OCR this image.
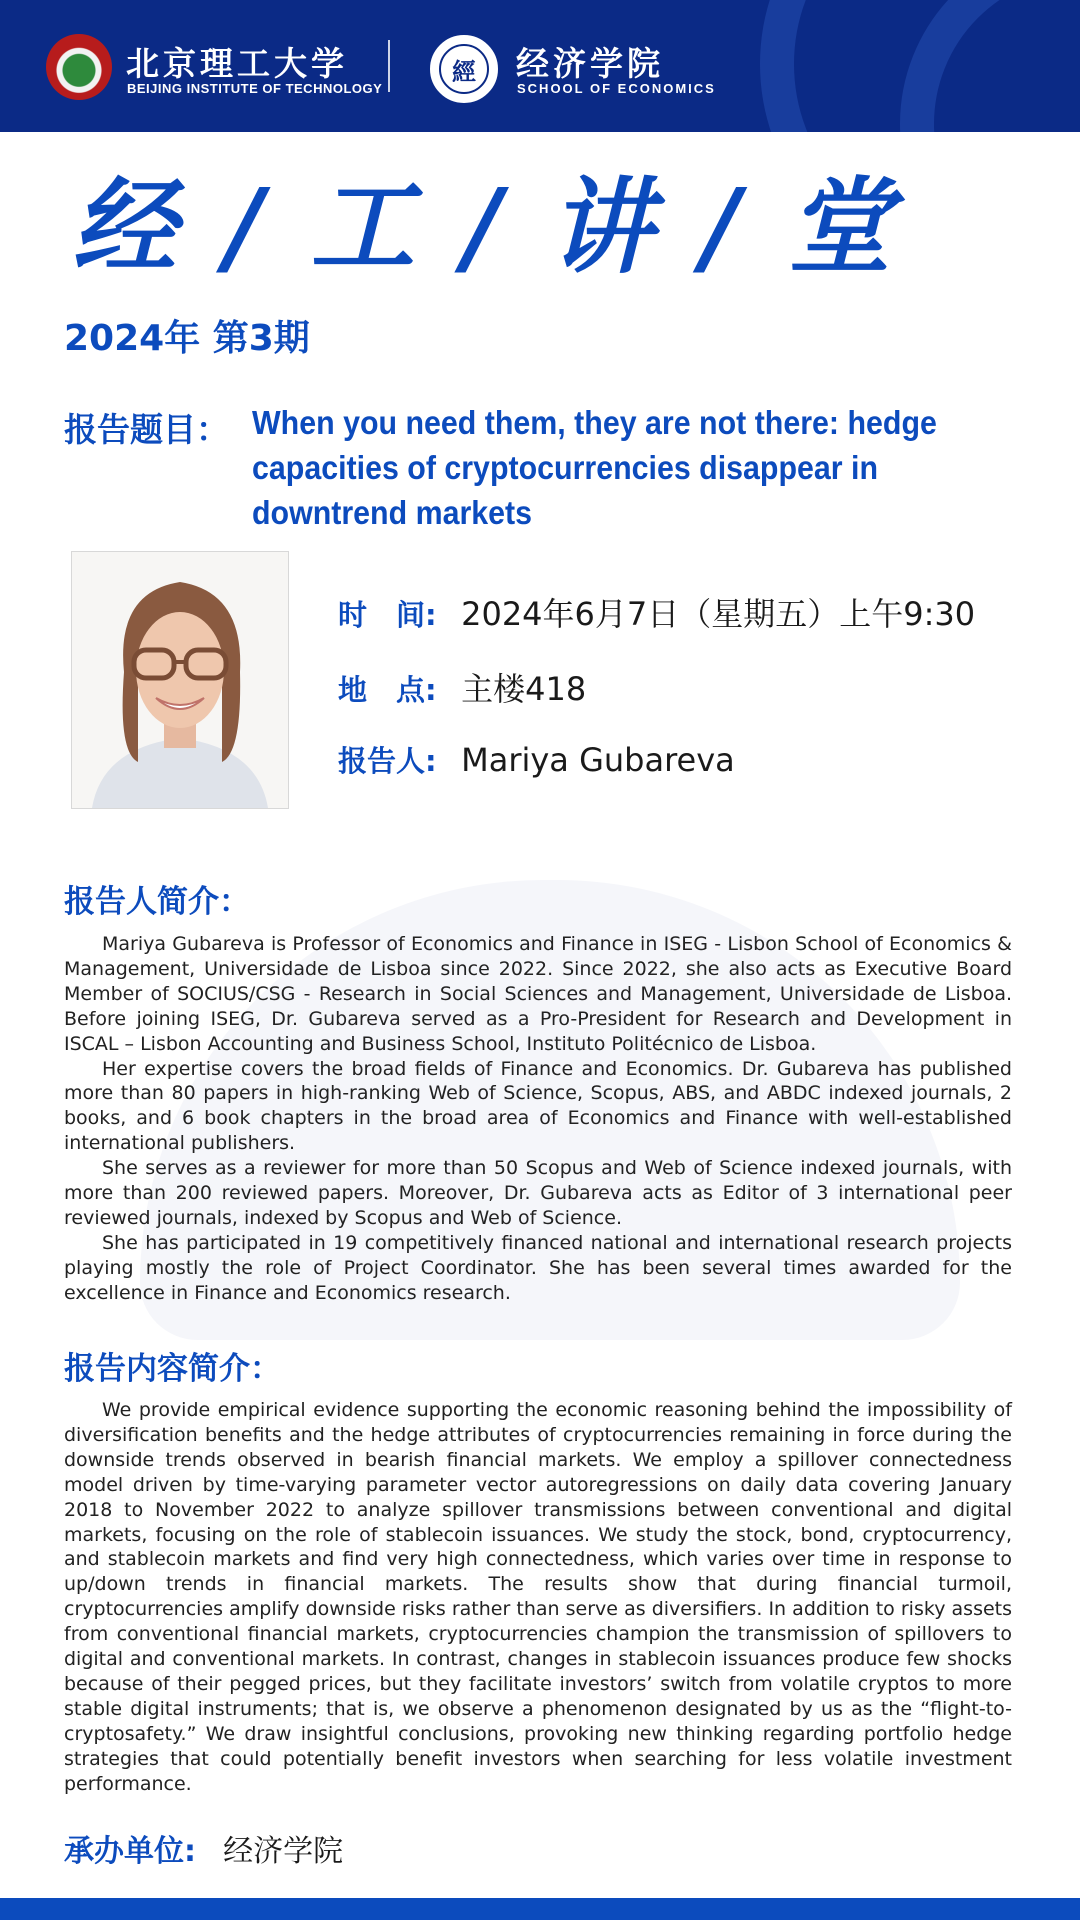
北京理工大学
BEIJING INSTITUTE OF TECHNOLOGY
經	经济学院
SCHOOL OF ECONOMICS
经 / 工 / 讲 / 堂
2024年 第3期
报告题目： When you need them, they are not there: hedge capacities of cryptocurrencies disappear in downtrend markets
时　间: 2024年6月7日（星期五）上午9:30
地　点: 主楼418
报告人: Mariya Gubareva
报告人简介：

Mariya Gubareva is Professor of Economics and Finance in ISEG - Lisbon School of Economics & Management, Universidade de Lisboa since 2022. Since 2022, she also acts as Executive Board Member of SOCIUS/CSG - Research in Social Sciences and Management, Universidade de Lisboa. Before joining ISEG, Dr. Gubareva served as a Pro-President for Research and Development in ISCAL – Lisbon Accounting and Business School, Instituto Politécnico de Lisboa.

Her expertise covers the broad fields of Finance and Economics. Dr. Gubareva has published more than 80 papers in high-ranking Web of Science, Scopus, ABS, and ABDC indexed journals, 2 books, and 6 book chapters in the broad area of Economics and Finance with well-established international publishers.

She serves as a reviewer for more than 50 Scopus and Web of Science indexed journals, with more than 200 reviewed papers. Moreover, Dr. Gubareva acts as Editor of 3 international peer reviewed journals, indexed by Scopus and Web of Science.

She has participated in 19 competitively financed national and international research projects playing mostly the role of Project Coordinator. She has been several times awarded for the excellence in Finance and Economics research.

报告内容简介：

We provide empirical evidence supporting the economic reasoning behind the impossibility of diversification benefits and the hedge attributes of cryptocurrencies remaining in force during the downside trends observed in bearish financial markets. We employ a spillover connectedness model driven by time-varying parameter vector autoregressions on daily data covering January 2018 to November 2022 to analyze spillover transmissions between conventional and digital markets, focusing on the role of stablecoin issuances. We study the stock, bond, cryptocurrency, and stablecoin markets and find very high connectedness, which varies over time in response to up/down trends in financial markets. The results show that during financial turmoil, cryptocurrencies amplify downside risks rather than serve as diversifiers. In addition to risky assets from conventional financial markets, cryptocurrencies champion the transmission of spillovers to digital and conventional markets. In contrast, changes in stablecoin issuances produce few shocks because of their pegged prices, but they facilitate investors’ switch from volatile cryptos to more stable digital instruments; that is, we observe a phenomenon designated by us as the “flight-to-cryptosafety.” We draw insightful conclusions, provoking new thinking regarding portfolio hedge strategies that could potentially benefit investors when searching for less volatile investment performance.

承办单位: 经济学院
